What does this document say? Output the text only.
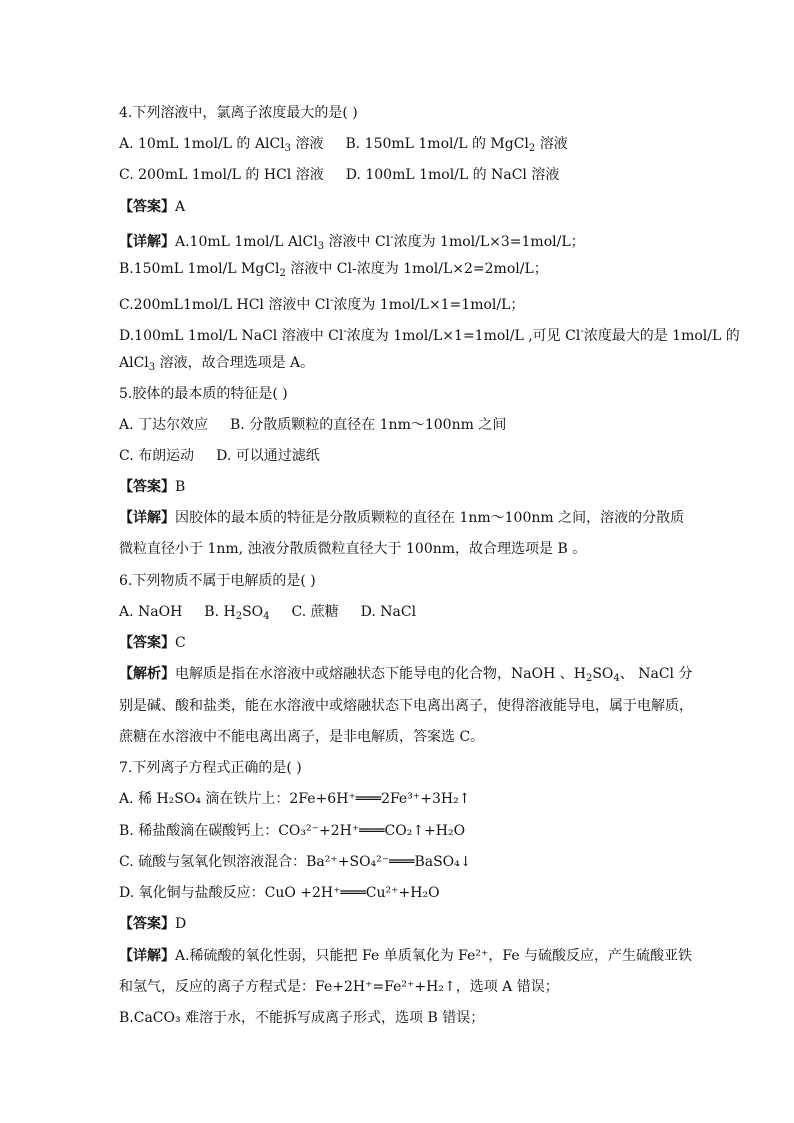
4.下列溶液中，氯离子浓度最大的是( )
A. 10mL 1mol/L 的 AlCl$_3$ 溶液 B. 150mL 1mol/L 的 MgCl$_2$ 溶液
C. 200mL 1mol/L 的 HCl 溶液 D. 100mL 1mol/L 的 NaCl 溶液
【答案】A
【详解】A.10mL 1mol/L AlCl$_3$ 溶液中 Cl-浓度为 1mol/L×3=1mol/L；
B.150mL 1mol/L MgCl$_2$ 溶液中 Cl-浓度为 1mol/L×2=2mol/L；
C.200mL1mol/L HCl 溶液中 Cl-浓度为 1mol/L×1=1mol/L；
D.100mL 1mol/L NaCl 溶液中 Cl-浓度为 1mol/L×1=1mol/L ,可见 Cl-浓度最大的是 1mol/L 的
AlCl$_3$ 溶液，故合理选项是 A。
5.胶体的最本质的特征是( )
A. 丁达尔效应 B. 分散质颗粒的直径在 1nm～100nm 之间
C. 布朗运动 D. 可以通过滤纸
【答案】B
【详解】因胶体的最本质的特征是分散质颗粒的直径在 1nm～100nm 之间，溶液的分散质
微粒直径小于 1nm, 浊液分散质微粒直径大于 100nm，故合理选项是 B 。
6.下列物质不属于电解质的是( )
A. NaOH B. $H_2SO_4$ C. 蔗糖 D. NaCl
【答案】C
【解析】电解质是指在水溶液中或熔融状态下能导电的化合物，NaOH 、$H_2SO_4$、 NaCl 分
别是碱、酸和盐类，能在水溶液中或熔融状态下电离出离子，使得溶液能导电，属于电解质，
蔗糖在水溶液中不能电离出离子，是非电解质，答案选 C。
7.下列离子方程式正确的是( )
A. 稀 H₂SO₄ 滴在铁片上：2Fe+6H⁺═══2Fe³⁺+3H₂↑
B. 稀盐酸滴在碳酸钙上：CO₃²⁻+2H⁺═══CO₂↑+H₂O
C. 硫酸与氢氧化钡溶液混合：Ba²⁺+SO₄²⁻═══BaSO₄↓
D. 氧化铜与盐酸反应：CuO +2H⁺═══Cu²⁺+H₂O
【答案】D
【详解】A.稀硫酸的氧化性弱，只能把 Fe 单质氧化为 Fe²⁺，Fe 与硫酸反应，产生硫酸亚铁
和氢气，反应的离子方程式是：Fe+2H⁺=Fe²⁺+H₂↑，选项 A 错误；
B.CaCO₃ 难溶于水，不能拆写成离子形式，选项 B 错误；
